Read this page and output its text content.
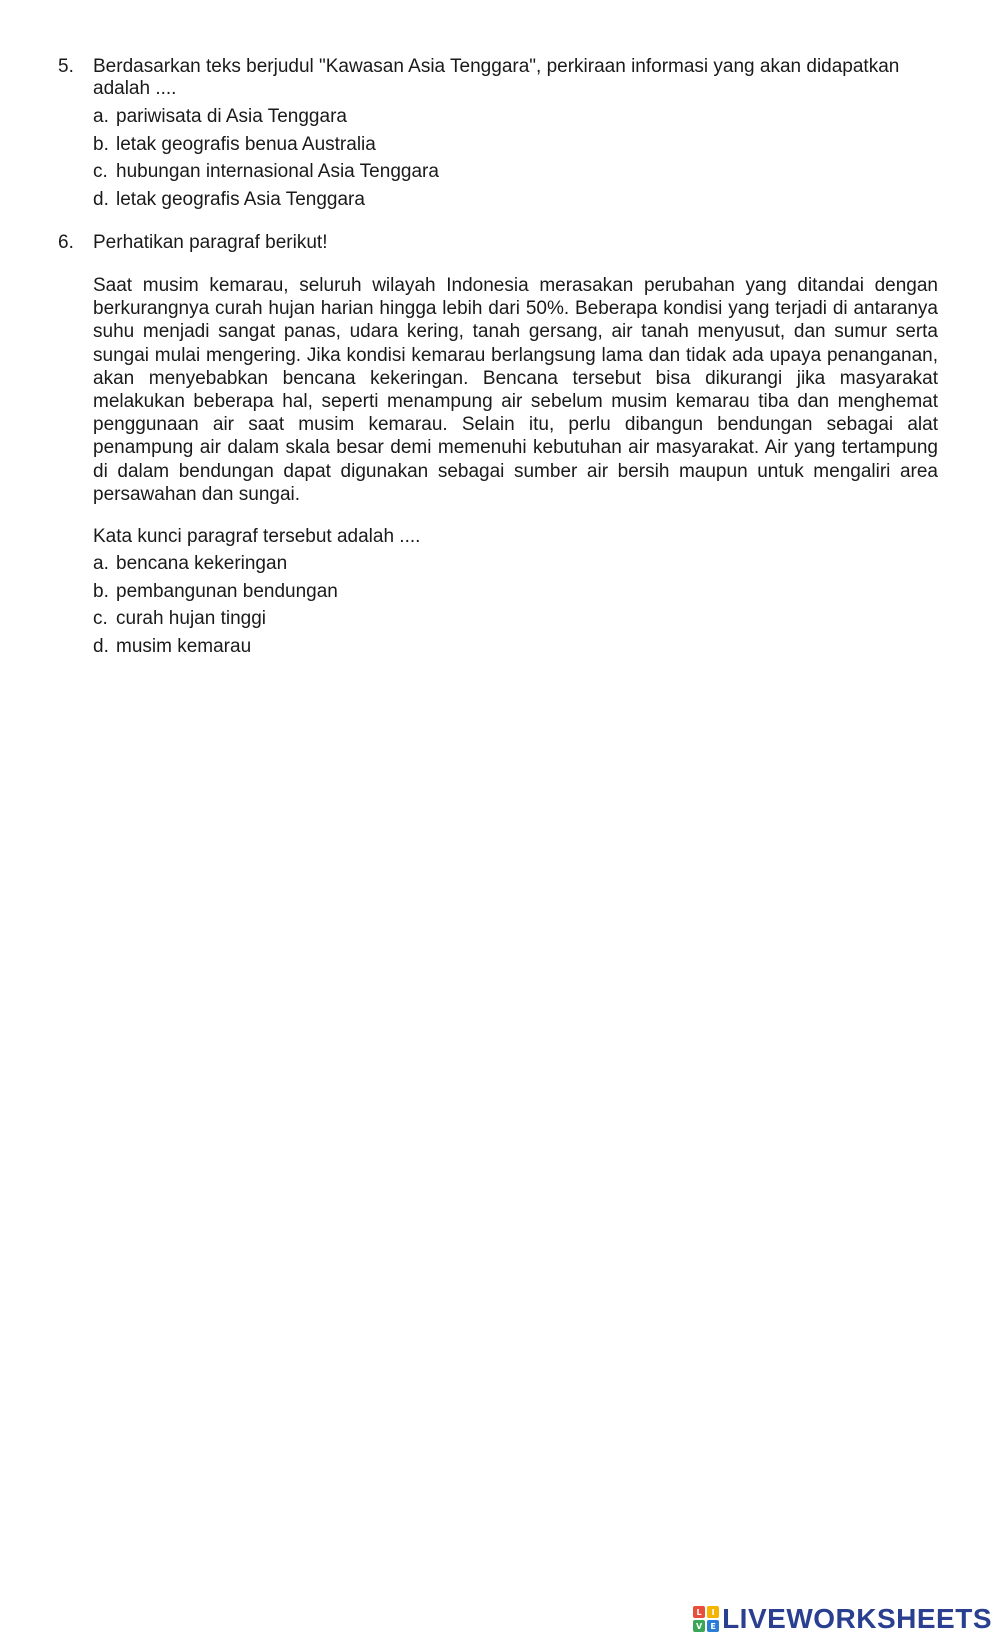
5.	Berdasarkan teks berjudul "Kawasan Asia Tenggara", perkiraan informasi yang akan didapatkan adalah ....
a. pariwisata di Asia Tenggara
b. letak geografis benua Australia
c. hubungan internasional Asia Tenggara
d. letak geografis Asia Tenggara
6.	Perhatikan paragraf berikut!
Saat musim kemarau, seluruh wilayah Indonesia merasakan perubahan yang ditandai dengan berkurangnya curah hujan harian hingga lebih dari 50%. Beberapa kondisi yang terjadi di antaranya suhu menjadi sangat panas, udara kering, tanah gersang, air tanah menyusut, dan sumur serta sungai mulai mengering. Jika kondisi kemarau berlangsung lama dan tidak ada upaya penanganan, akan menyebabkan bencana kekeringan. Bencana tersebut bisa dikurangi jika masyarakat melakukan beberapa hal, seperti menampung air sebelum musim kemarau tiba dan menghemat penggunaan air saat musim kemarau. Selain itu, perlu dibangun bendungan sebagai alat penampung air dalam skala besar demi memenuhi kebutuhan air masyarakat. Air yang tertampung di dalam bendungan dapat digunakan sebagai sumber air bersih maupun untuk mengaliri area persawahan dan sungai.
Kata kunci paragraf tersebut adalah ....
a. bencana kekeringan
b. pembangunan bendungan
c. curah hujan tinggi
d. musim kemarau
L	I
V	E LIVEWORKSHEETS
